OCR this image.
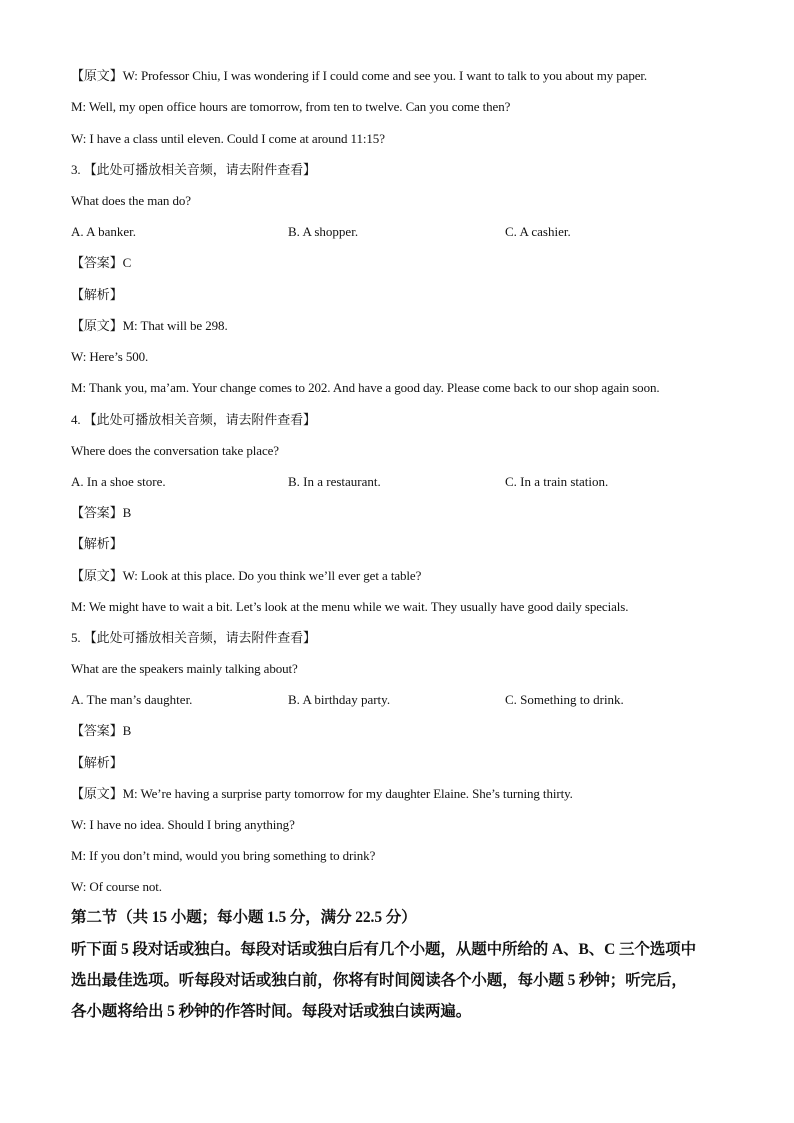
【原文】W: Professor Chiu, I was wondering if I could come and see you. I want to talk to you about my paper.
M: Well, my open office hours are tomorrow, from ten to twelve. Can you come then?
W: I have a class until eleven. Could I come at around 11:15?
3. 【此处可播放相关音频，请去附件查看】
What does the man do?
A. A banker.	B. A shopper.	C. A cashier.
【答案】C
【解析】
【原文】M: That will be 298.
W: Here’s 500.
M: Thank you, ma’am. Your change comes to 202. And have a good day. Please come back to our shop again soon.
4. 【此处可播放相关音频，请去附件查看】
Where does the conversation take place?
A. In a shoe store.	B. In a restaurant.	C. In a train station.
【答案】B
【解析】
【原文】W: Look at this place. Do you think we’ll ever get a table?
M: We might have to wait a bit. Let’s look at the menu while we wait. They usually have good daily specials.
5. 【此处可播放相关音频，请去附件查看】
What are the speakers mainly talking about?
A. The man’s daughter.	B. A birthday party.	C. Something to drink.
【答案】B
【解析】
【原文】M: We’re having a surprise party tomorrow for my daughter Elaine. She’s turning thirty.
W: I have no idea. Should I bring anything?
M: If you don’t mind, would you bring something to drink?
W: Of course not.
第二节（共 15 小题；每小题 1.5 分，满分 22.5 分）
听下面 5 段对话或独白。每段对话或独白后有几个小题，从题中所给的 A、B、C 三个选项中
选出最佳选项。听每段对话或独白前，你将有时间阅读各个小题，每小题 5 秒钟；听完后，
各小题将给出 5 秒钟的作答时间。每段对话或独白读两遍。
